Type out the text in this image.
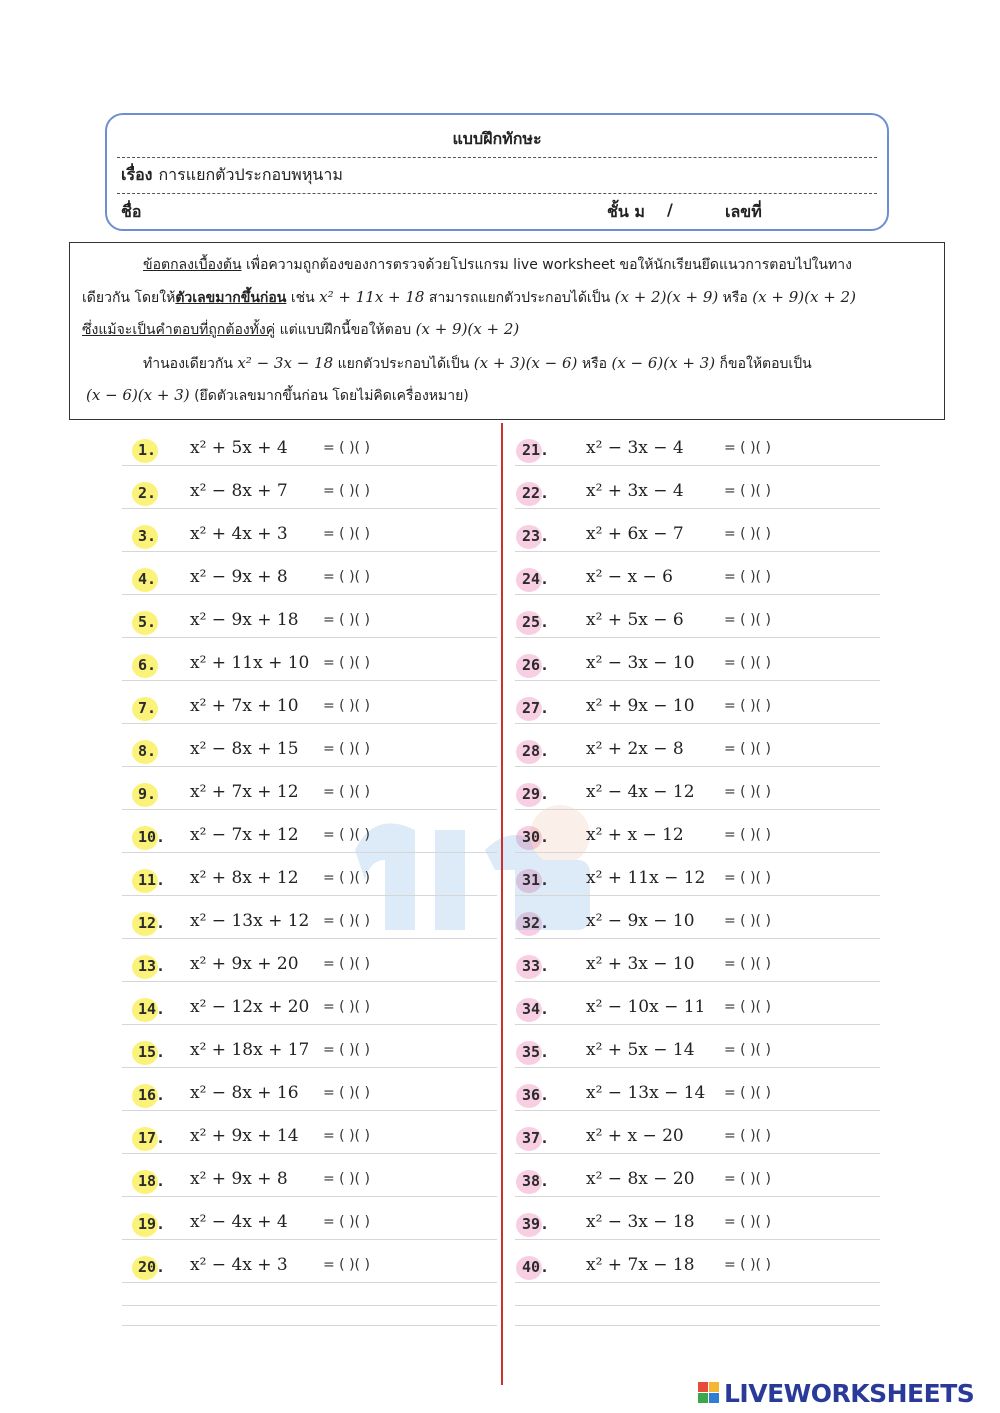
แบบฝึกทักษะ
เรื่อง การแยกตัวประกอบพหุนาม
ชื่อ	ชั้น ม /	เลขที่
ข้อตกลงเบื้องต้น เพื่อความถูกต้องของการตรวจด้วยโปรแกรม live worksheet ขอให้นักเรียนยึดแนวการตอบไปในทาง
เดียวกัน โดยให้ตัวเลขมากขึ้นก่อน เช่น x² + 11x + 18 สามารถแยกตัวประกอบได้เป็น (x + 2)(x + 9) หรือ (x + 9)(x + 2)
ซึ่งแม้จะเป็นคำตอบที่ถูกต้องทั้งคู่ แต่แบบฝึกนี้ขอให้ตอบ (x + 9)(x + 2)
ทำนองเดียวกัน x² − 3x − 18 แยกตัวประกอบได้เป็น (x + 3)(x − 6) หรือ (x − 6)(x + 3) ก็ขอให้ตอบเป็น
(x − 6)(x + 3) (ยึดตัวเลขมากขึ้นก่อน โดยไม่คิดเครื่องหมาย)
1. x² + 5x + 4	= ( )( )
2. x² − 8x + 7	= ( )( )
3. x² + 4x + 3	= ( )( )
4. x² − 9x + 8	= ( )( )
5. x² − 9x + 18 = ( )( )
6. x² + 11x + 10 = ( )( )
7. x² + 7x + 10 = ( )( )
8. x² − 8x + 15 = ( )( )
9. x² + 7x + 12 = ( )( )
10. x² − 7x + 12 = ( )( )
11. x² + 8x + 12 = ( )( )
12. x² − 13x + 12 = ( )( )
13. x² + 9x + 20 = ( )( )
14. x² − 12x + 20 = ( )( )
15. x² + 18x + 17 = ( )( )
16. x² − 8x + 16 = ( )( )
17. x² + 9x + 14 = ( )( )
18. x² + 9x + 8	= ( )( )
19. x² − 4x + 4	= ( )( )
20. x² − 4x + 3	= ( )( )
21. x² − 3x − 4	= ( )( )
22. x² + 3x − 4	= ( )( )
23. x² + 6x − 7	= ( )( )
24. x² − x − 6	= ( )( )
25. x² + 5x − 6	= ( )( )
26. x² − 3x − 10 = ( )( )
27. x² + 9x − 10 = ( )( )
28. x² + 2x − 8	= ( )( )
29. x² − 4x − 12 = ( )( )
30. x² + x − 12	= ( )( )
31. x² + 11x − 12 = ( )( )
32. x² − 9x − 10 = ( )( )
33. x² + 3x − 10 = ( )( )
34. x² − 10x − 11 = ( )( )
35. x² + 5x − 14 = ( )( )
36. x² − 13x − 14 = ( )( )
37. x² + x − 20	= ( )( )
38. x² − 8x − 20 = ( )( )
39. x² − 3x − 18 = ( )( )
40. x² + 7x − 18 = ( )( )
LIVEWORKSHEETS
